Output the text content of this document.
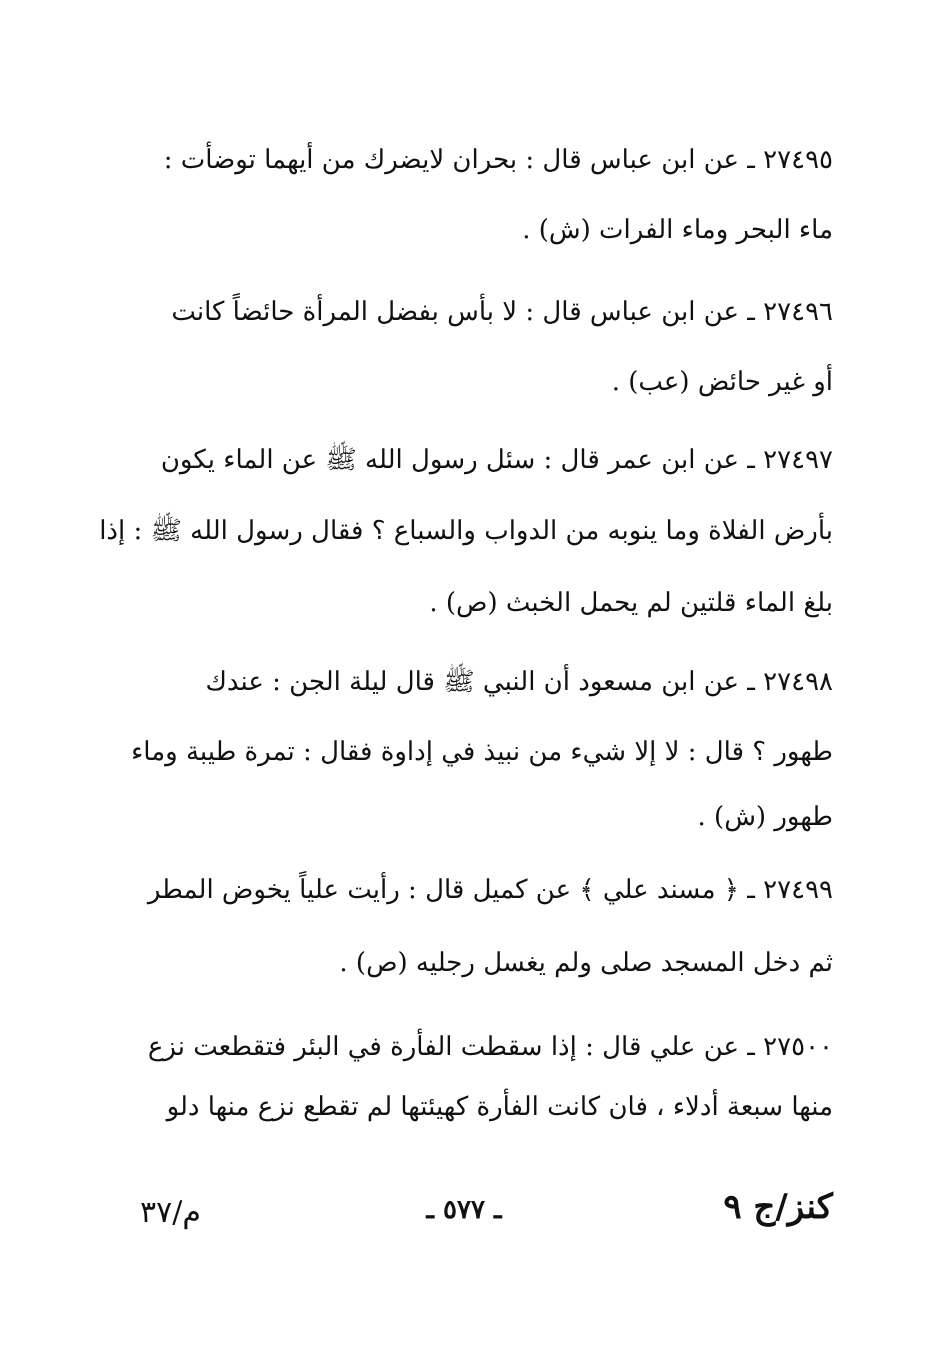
٢٧٤٩٥ ـ عن ابن عباس قال : بحران لايضرك من أيهما توضأت :
ماء البحر وماء الفرات (ش) .
٢٧٤٩٦ ـ عن ابن عباس قال : لا بأس بفضل المرأة حائضاً كانت
أو غير حائض (عب) .
٢٧٤٩٧ ـ عن ابن عمر قال : سئل رسول الله ﷺ عن الماء يكون
بأرض الفلاة وما ينوبه من الدواب والسباع ؟ فقال رسول الله ﷺ : إذا
بلغ الماء قلتين لم يحمل الخبث (ص) .
٢٧٤٩٨ ـ عن ابن مسعود أن النبي ﷺ قال ليلة الجن : عندك
طهور ؟ قال : لا إلا شيء من نبيذ في إداوة فقال : تمرة طيبة وماء
طهور (ش) .
٢٧٤٩٩ ـ ﴿ مسند علي ﴾ عن كميل قال : رأيت علياً يخوض المطر
ثم دخل المسجد صلى ولم يغسل رجليه (ص) .
٢٧٥٠٠ ـ عن علي قال : إذا سقطت الفأرة في البئر فتقطعت نزع
منها سبعة أدلاء ، فان كانت الفأرة كهيئتها لم تقطع نزع منها دلو
م/٣٧	ـ ٥٧٧ ـ	كنز/ج ٩
